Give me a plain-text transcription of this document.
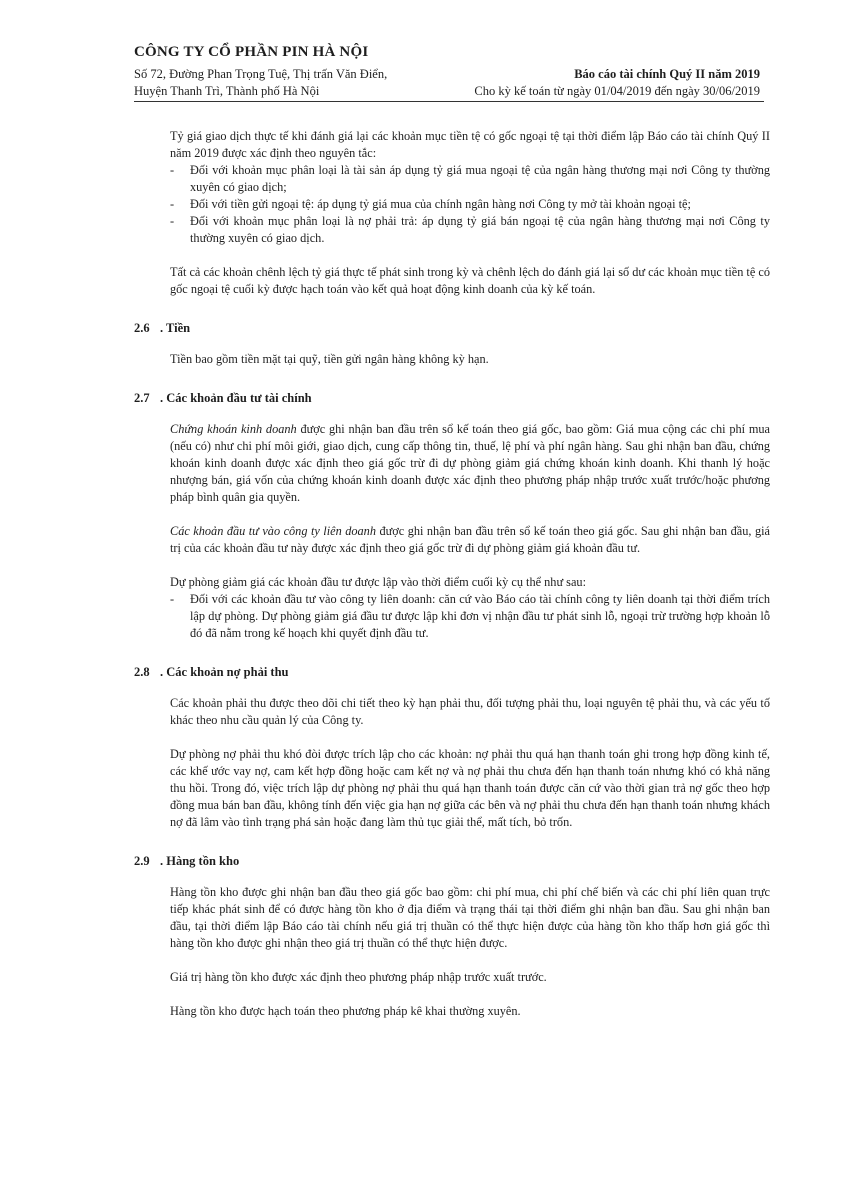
CÔNG TY CỔ PHẦN PIN HÀ NỘI
Số 72, Đường Phan Trọng Tuệ, Thị trấn Văn Điển,
Huyện Thanh Trì, Thành phố Hà Nội
Báo cáo tài chính Quý II năm 2019
Cho kỳ kế toán từ ngày 01/04/2019 đến ngày 30/06/2019

Tỷ giá giao dịch thực tế khi đánh giá lại các khoản mục tiền tệ có gốc ngoại tệ tại thời điểm lập Báo cáo tài chính Quý II năm 2019 được xác định theo nguyên tắc:

- Đối với khoản mục phân loại là tài sản áp dụng tỷ giá mua ngoại tệ của ngân hàng thương mại nơi Công ty thường xuyên có giao dịch;
- Đối với tiền gửi ngoại tệ: áp dụng tỷ giá mua của chính ngân hàng nơi Công ty mở tài khoản ngoại tệ;
- Đối với khoản mục phân loại là nợ phải trả: áp dụng tỷ giá bán ngoại tệ của ngân hàng thương mại nơi Công ty thường xuyên có giao dịch.

Tất cả các khoản chênh lệch tỷ giá thực tế phát sinh trong kỳ và chênh lệch do đánh giá lại số dư các khoản mục tiền tệ có gốc ngoại tệ cuối kỳ được hạch toán vào kết quả hoạt động kinh doanh của kỳ kế toán.

2.6 . Tiền

Tiền bao gồm tiền mặt tại quỹ, tiền gửi ngân hàng không kỳ hạn.

2.7 . Các khoản đầu tư tài chính

Chứng khoán kinh doanh được ghi nhận ban đầu trên sổ kế toán theo giá gốc, bao gồm: Giá mua cộng các chi phí mua (nếu có) như chi phí môi giới, giao dịch, cung cấp thông tin, thuế, lệ phí và phí ngân hàng. Sau ghi nhận ban đầu, chứng khoán kinh doanh được xác định theo giá gốc trừ đi dự phòng giảm giá chứng khoán kinh doanh. Khi thanh lý hoặc nhượng bán, giá vốn của chứng khoán kinh doanh được xác định theo phương pháp nhập trước xuất trước/hoặc phương pháp bình quân gia quyền.

Các khoản đầu tư vào công ty liên doanh được ghi nhận ban đầu trên sổ kế toán theo giá gốc. Sau ghi nhận ban đầu, giá trị của các khoản đầu tư này được xác định theo giá gốc trừ đi dự phòng giảm giá khoản đầu tư.

Dự phòng giảm giá các khoản đầu tư được lập vào thời điểm cuối kỳ cụ thể như sau:

- Đối với các khoản đầu tư vào công ty liên doanh: căn cứ vào Báo cáo tài chính công ty liên doanh tại thời điểm trích lập dự phòng. Dự phòng giảm giá đầu tư được lập khi đơn vị nhận đầu tư phát sinh lỗ, ngoại trừ trường hợp khoản lỗ đó đã nằm trong kế hoạch khi quyết định đầu tư.
2.8 . Các khoản nợ phải thu

Các khoản phải thu được theo dõi chi tiết theo kỳ hạn phải thu, đối tượng phải thu, loại nguyên tệ phải thu, và các yếu tố khác theo nhu cầu quản lý của Công ty.

Dự phòng nợ phải thu khó đòi được trích lập cho các khoản: nợ phải thu quá hạn thanh toán ghi trong hợp đồng kinh tế, các khế ước vay nợ, cam kết hợp đồng hoặc cam kết nợ và nợ phải thu chưa đến hạn thanh toán nhưng khó có khả năng thu hồi. Trong đó, việc trích lập dự phòng nợ phải thu quá hạn thanh toán được căn cứ vào thời gian trả nợ gốc theo hợp đồng mua bán ban đầu, không tính đến việc gia hạn nợ giữa các bên và nợ phải thu chưa đến hạn thanh toán nhưng khách nợ đã lâm vào tình trạng phá sản hoặc đang làm thủ tục giải thể, mất tích, bỏ trốn.

2.9 . Hàng tồn kho

Hàng tồn kho được ghi nhận ban đầu theo giá gốc bao gồm: chi phí mua, chi phí chế biến và các chi phí liên quan trực tiếp khác phát sinh để có được hàng tồn kho ở địa điểm và trạng thái tại thời điểm ghi nhận ban đầu. Sau ghi nhận ban đầu, tại thời điểm lập Báo cáo tài chính nếu giá trị thuần có thể thực hiện được của hàng tồn kho thấp hơn giá gốc thì hàng tồn kho được ghi nhận theo giá trị thuần có thể thực hiện được.

Giá trị hàng tồn kho được xác định theo phương pháp nhập trước xuất trước.

Hàng tồn kho được hạch toán theo phương pháp kê khai thường xuyên.
